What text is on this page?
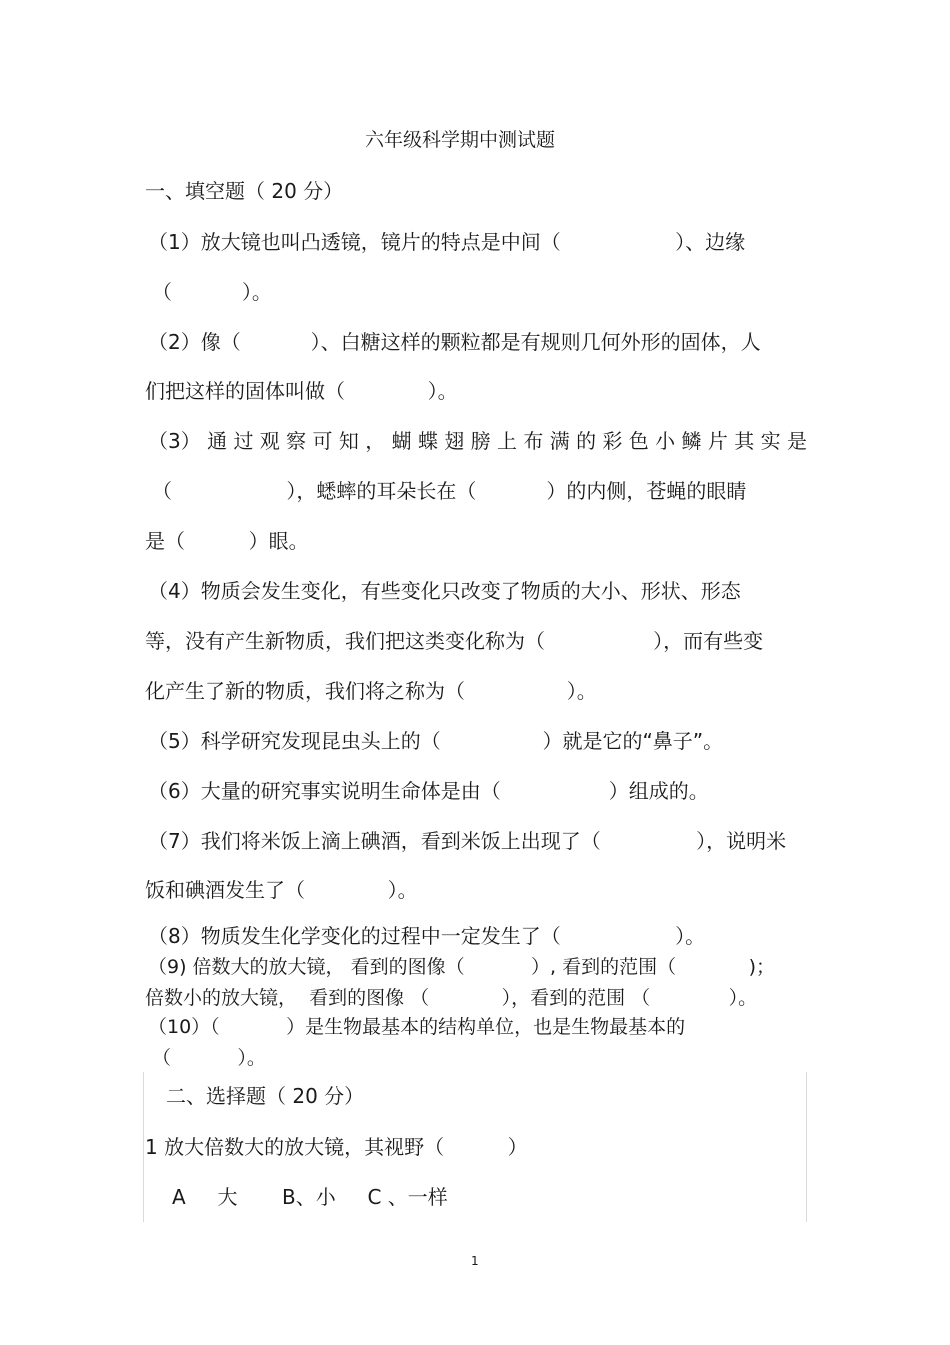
六年级科学期中测试题
一、填空题（ 20 分）
（1）放大镜也叫凸透镜，镜片的特点是中间（                  ）、边缘
（           ）。
（2）像（           ）、白糖这样的颗粒都是有规则几何外形的固体，人
们把这样的固体叫做（             ）。
（3） 通 过 观 察 可 知 ， 蝴 蝶 翅 膀 上 布 满 的 彩 色 小 鳞 片 其 实 是
（                  ），蟋蟀的耳朵长在（           ）的内侧，苍蝇的眼睛
是（          ）眼。
（4）物质会发生变化，有些变化只改变了物质的大小、形状、形态
等，没有产生新物质，我们把这类变化称为（                 ），而有些变
化产生了新的物质，我们将之称为（                ）。
（5）科学研究发现昆虫头上的（                ）就是它的“鼻子”。
（6）大量的研究事实说明生命体是由（                 ）组成的。
（7）我们将米饭上滴上碘酒，看到米饭上出现了（               ），说明米
饭和碘酒发生了（             ）。
（8）物质发生化学变化的过程中一定发生了（                  ）。
（9) 倍数大的放大镜， 看到的图像（           ）, 看到的范围（            )；
倍数小的放大镜，  看到的图像 （            ），看到的范围 （             ）。
（10）（           ）是生物最基本的结构单位，也是生物最基本的
（           ）。
二、选择题（ 20 分）
1 放大倍数大的放大镜，其视野（          ）
A     大       B、小     C 、一样
1
